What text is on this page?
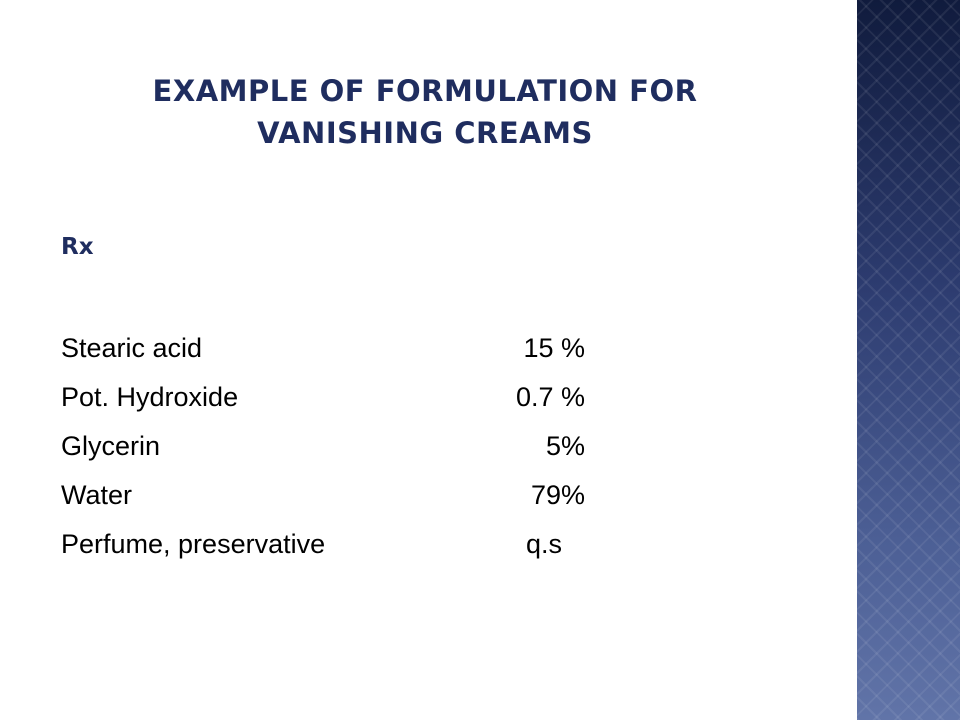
EXAMPLE OF FORMULATION FOR
VANISHING CREAMS
Rx
Stearic acid	15 %
Pot. Hydroxide	0.7 %
Glycerin	5%
Water	79%
Perfume, preservative	q.s
